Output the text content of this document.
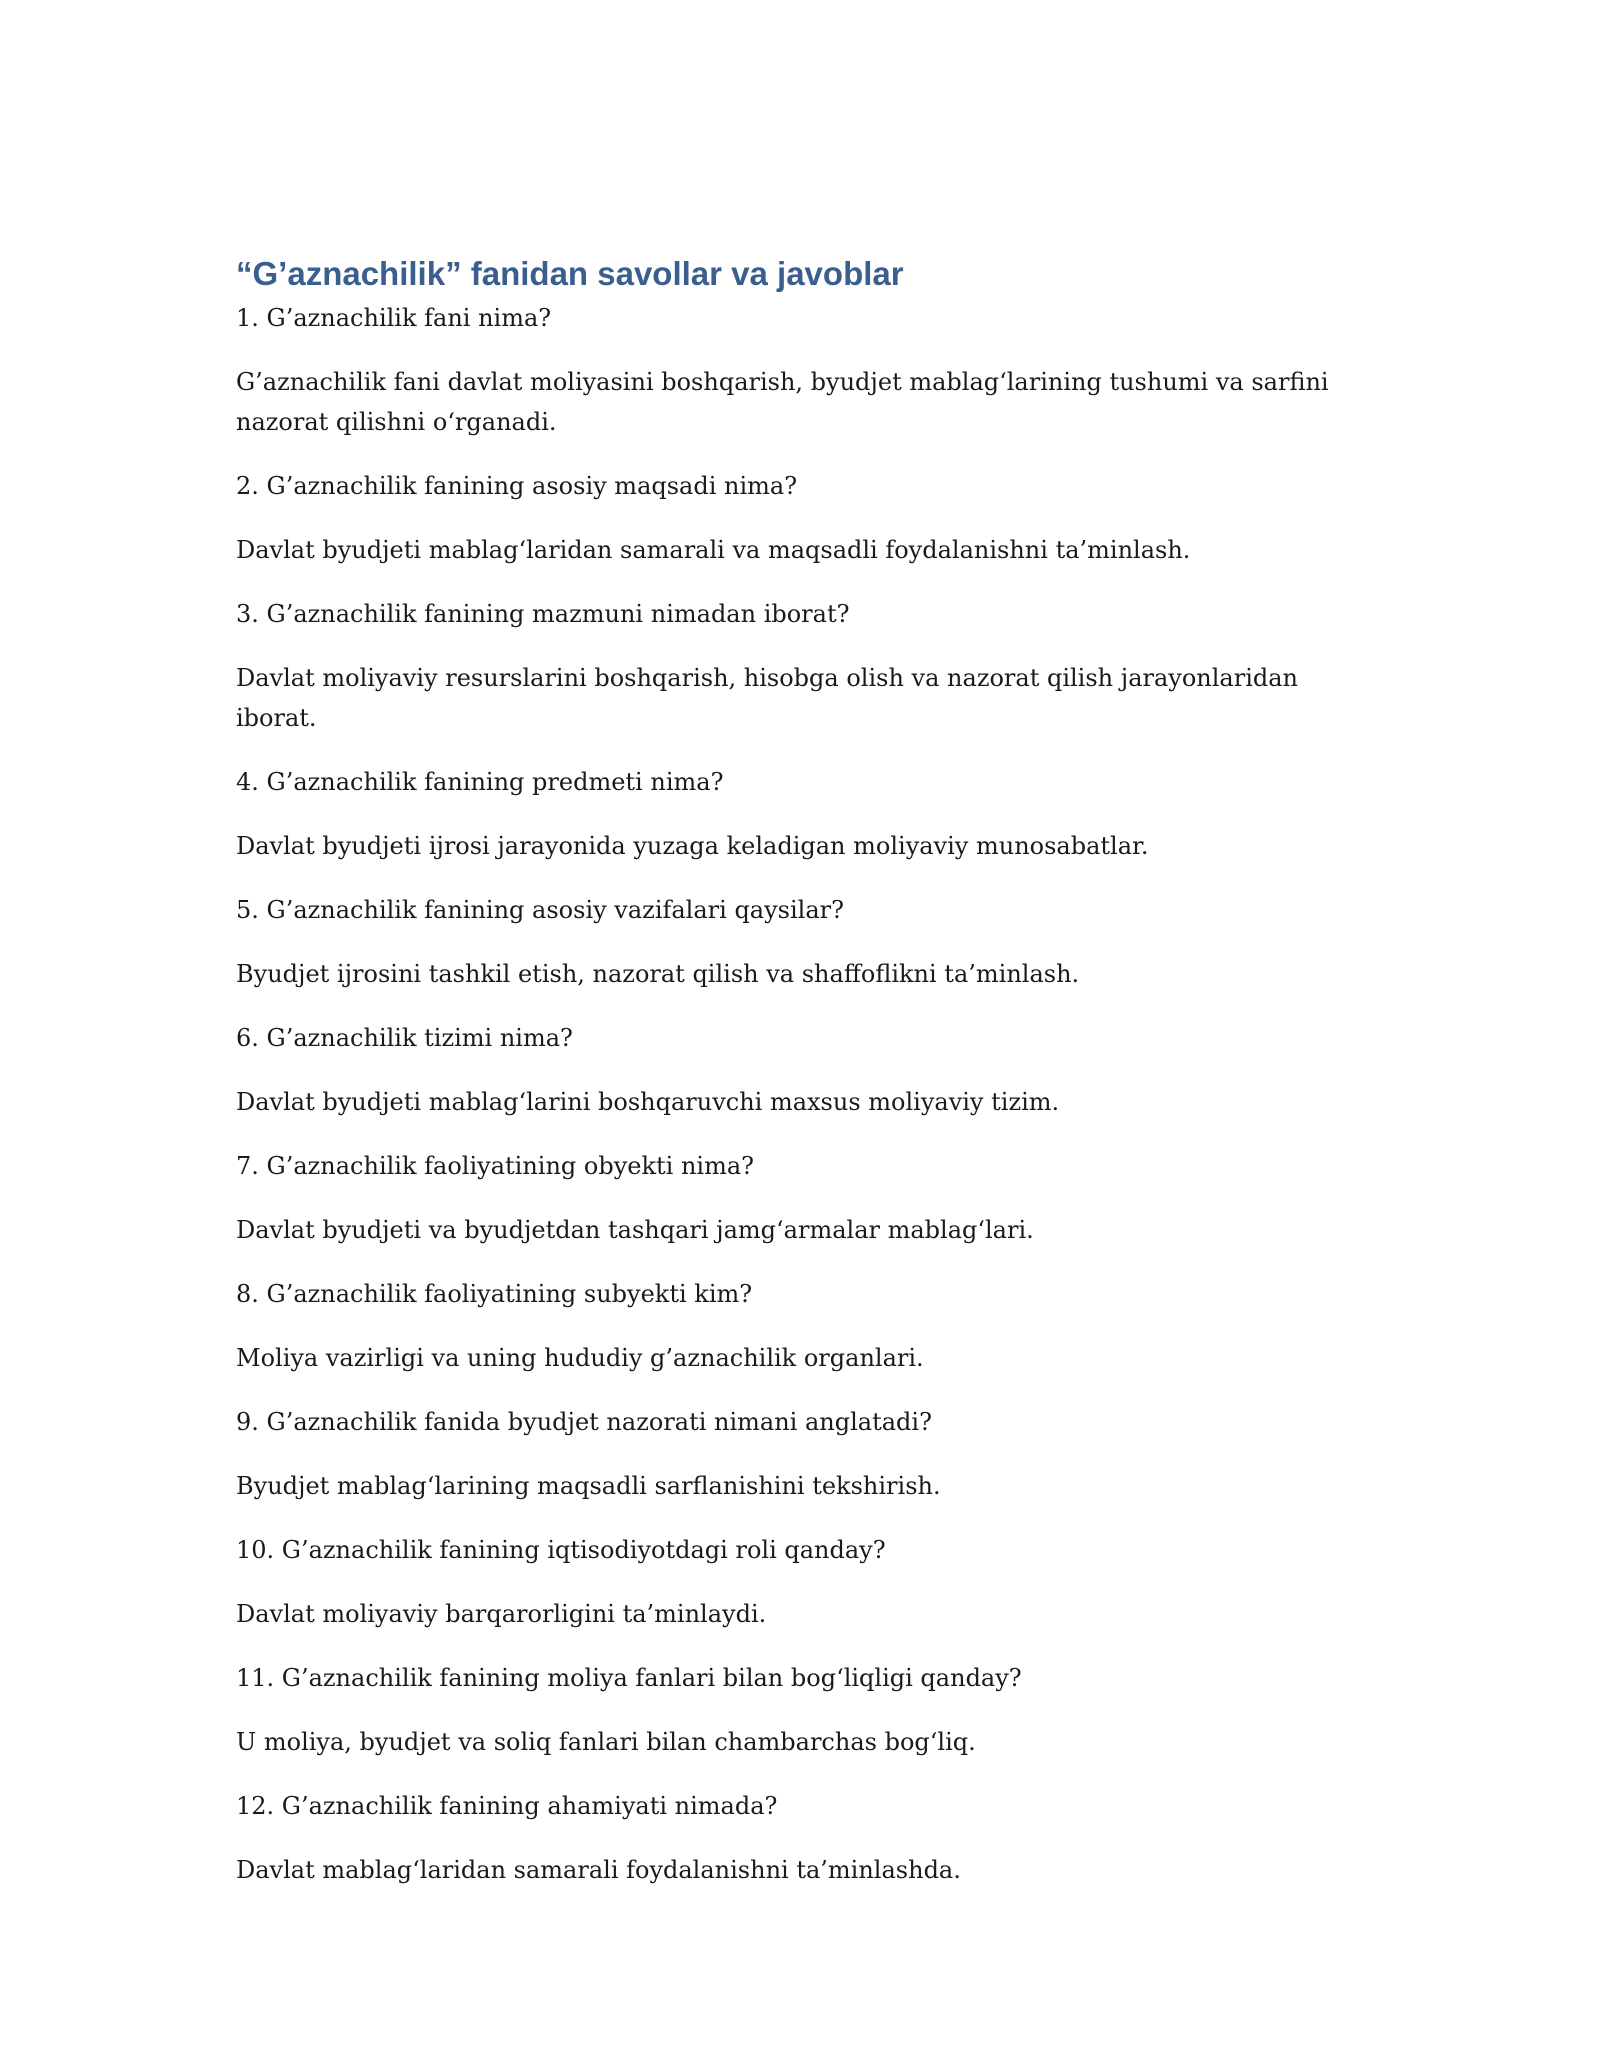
“G’aznachilik” fanidan savollar va javoblar

1. G’aznachilik fani nima?

G’aznachilik fani davlat moliyasini boshqarish, byudjet mablag‘larining tushumi va sarfini nazorat qilishni o‘rganadi.

2. G’aznachilik fanining asosiy maqsadi nima?

Davlat byudjeti mablag‘laridan samarali va maqsadli foydalanishni ta’minlash.

3. G’aznachilik fanining mazmuni nimadan iborat?

Davlat moliyaviy resurslarini boshqarish, hisobga olish va nazorat qilish jarayonlaridan iborat.

4. G’aznachilik fanining predmeti nima?

Davlat byudjeti ijrosi jarayonida yuzaga keladigan moliyaviy munosabatlar.

5. G’aznachilik fanining asosiy vazifalari qaysilar?

Byudjet ijrosini tashkil etish, nazorat qilish va shaffoflikni ta’minlash.

6. G’aznachilik tizimi nima?

Davlat byudjeti mablag‘larini boshqaruvchi maxsus moliyaviy tizim.

7. G’aznachilik faoliyatining obyekti nima?

Davlat byudjeti va byudjetdan tashqari jamg‘armalar mablag‘lari.

8. G’aznachilik faoliyatining subyekti kim?

Moliya vazirligi va uning hududiy g’aznachilik organlari.

9. G’aznachilik fanida byudjet nazorati nimani anglatadi?

Byudjet mablag‘larining maqsadli sarflanishini tekshirish.

10. G’aznachilik fanining iqtisodiyotdagi roli qanday?

Davlat moliyaviy barqarorligini ta’minlaydi.

11. G’aznachilik fanining moliya fanlari bilan bog‘liqligi qanday?

U moliya, byudjet va soliq fanlari bilan chambarchas bog‘liq.

12. G’aznachilik fanining ahamiyati nimada?

Davlat mablag‘laridan samarali foydalanishni ta’minlashda.
